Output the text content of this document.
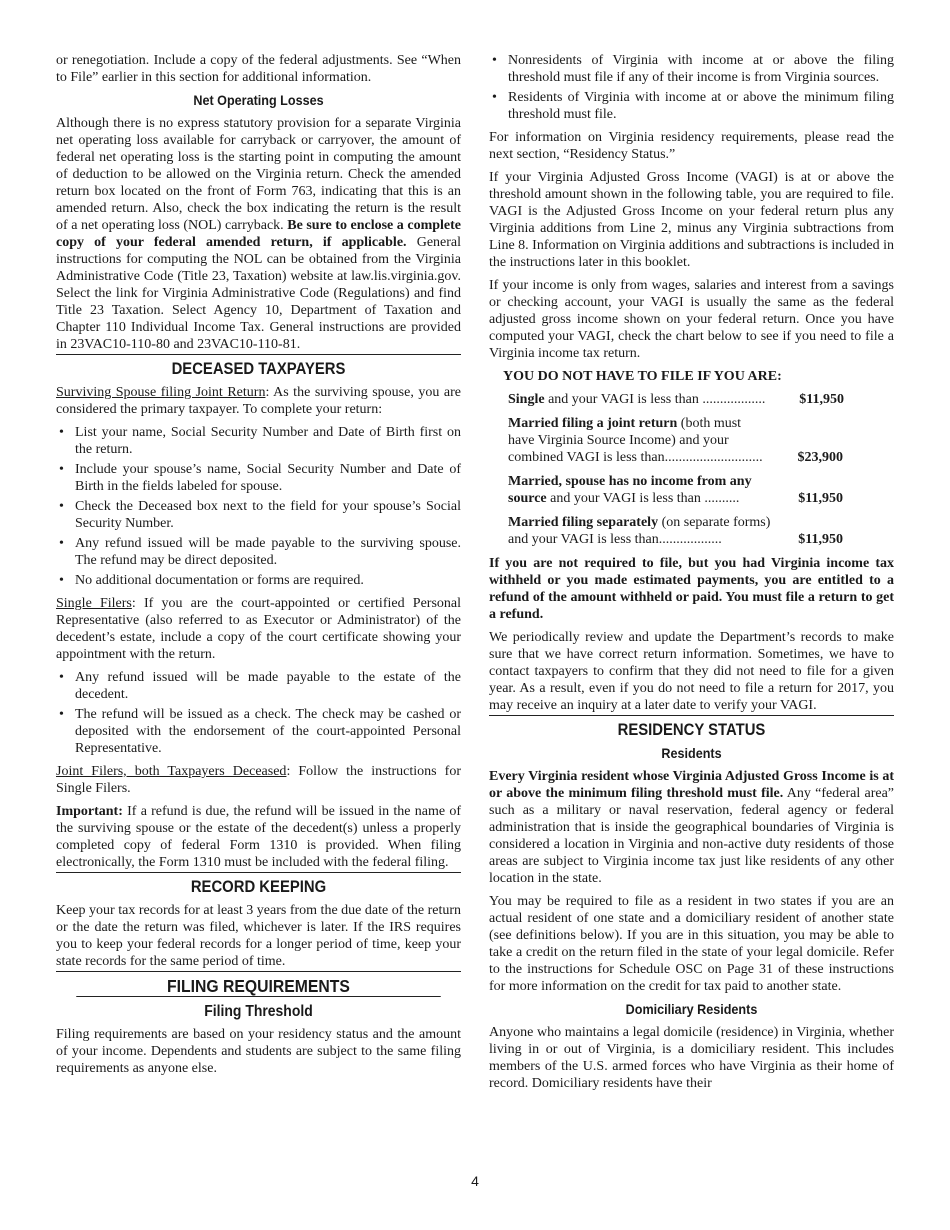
or renegotiation. Include a copy of the federal adjustments. See “When to File” earlier in this section for additional information.

Net Operating Losses

Although there is no express statutory provision for a separate Virginia net operating loss available for carryback or carryover, the amount of federal net operating loss is the starting point in computing the amount of deduction to be allowed on the Virginia return. Check the amended return box located on the front of Form 763, indicating that this is an amended return. Also, check the box indicating the return is the result of a net operating loss (NOL) carryback. Be sure to enclose a complete copy of your federal amended return, if applicable. General instructions for computing the NOL can be obtained from the Virginia Administrative Code (Title 23, Taxation) website at law.lis.virginia.gov. Select the link for Virginia Administrative Code (Regulations) and find Title 23 Taxation. Select Agency 10, Department of Taxation and Chapter 110 Individual Income Tax. General instructions are provided in 23VAC10-110-80 and 23VAC10-110-81.

DECEASED TAXPAYERS

Surviving Spouse filing Joint Return: As the surviving spouse, you are considered the primary taxpayer. To complete your return:

• List your name, Social Security Number and Date of Birth first on the return.
• Include your spouse’s name, Social Security Number and Date of Birth in the fields labeled for spouse.
• Check the Deceased box next to the field for your spouse’s Social Security Number.
• Any refund issued will be made payable to the surviving spouse. The refund may be direct deposited.
• No additional documentation or forms are required.

Single Filers: If you are the court-appointed or certified Personal Representative (also referred to as Executor or Administrator) of the decedent’s estate, include a copy of the court certificate showing your appointment with the return.

• Any refund issued will be made payable to the estate of the decedent.
• The refund will be issued as a check. The check may be cashed or deposited with the endorsement of the court-appointed Personal Representative.

Joint Filers, both Taxpayers Deceased: Follow the instructions for Single Filers.

Important: If a refund is due, the refund will be issued in the name of the surviving spouse or the estate of the decedent(s) unless a properly completed copy of federal Form 1310 is provided. When filing electronically, the Form 1310 must be included with the federal filing.

RECORD KEEPING

Keep your tax records for at least 3 years from the due date of the return or the date the return was filed, whichever is later. If the IRS requires you to keep your federal records for a longer period of time, keep your state records for the same period of time.

FILING REQUIREMENTS
Filing Threshold

Filing requirements are based on your residency status and the amount of your income. Dependents and students are subject to the same filing requirements as anyone else.

• Nonresidents of Virginia with income at or above the filing threshold must file if any of their income is from Virginia sources.
• Residents of Virginia with income at or above the minimum filing threshold must file.

For information on Virginia residency requirements, please read the next section, “Residency Status.”

If your Virginia Adjusted Gross Income (VAGI) is at or above the threshold amount shown in the following table, you are required to file. VAGI is the Adjusted Gross Income on your federal return plus any Virginia additions from Line 2, minus any Virginia subtractions from Line 8. Information on Virginia additions and subtractions is included in the instructions later in this booklet.

If your income is only from wages, salaries and interest from a savings or checking account, your VAGI is usually the same as the federal adjusted gross income shown on your federal return. Once you have computed your VAGI, check the chart below to see if you need to file a Virginia income tax return.

YOU DO NOT HAVE TO FILE IF YOU ARE:
Single and your VAGI is less than .................. $11,950
Married filing a joint return (both must have Virginia Source Income) and your combined VAGI is less than............................ $23,900
Married, spouse has no income from any source and your VAGI is less than ..........	$11,950
Married filing separately (on separate forms) and your VAGI is less than..................	$11,950

If you are not required to file, but you had Virginia income tax withheld or you made estimated payments, you are entitled to a refund of the amount withheld or paid. You must file a return to get a refund.

We periodically review and update the Department’s records to make sure that we have correct return information. Sometimes, we have to contact taxpayers to confirm that they did not need to file for a given year. As a result, even if you do not need to file a return for 2017, you may receive an inquiry at a later date to verify your VAGI.

RESIDENCY STATUS
Residents

Every Virginia resident whose Virginia Adjusted Gross Income is at or above the minimum filing threshold must file. Any “federal area” such as a military or naval reservation, federal agency or federal administration that is inside the geographical boundaries of Virginia is considered a location in Virginia and non-active duty residents of those areas are subject to Virginia income tax just like residents of any other location in the state.

You may be required to file as a resident in two states if you are an actual resident of one state and a domiciliary resident of another state (see definitions below). If you are in this situation, you may be able to take a credit on the return filed in the state of your legal domicile. Refer to the instructions for Schedule OSC on Page 31 of these instructions for more information on the credit for tax paid to another state.

Domiciliary Residents

Anyone who maintains a legal domicile (residence) in Virginia, whether living in or out of Virginia, is a domiciliary resident. This includes members of the U.S. armed forces who have Virginia as their home of record. Domiciliary residents have their

4
